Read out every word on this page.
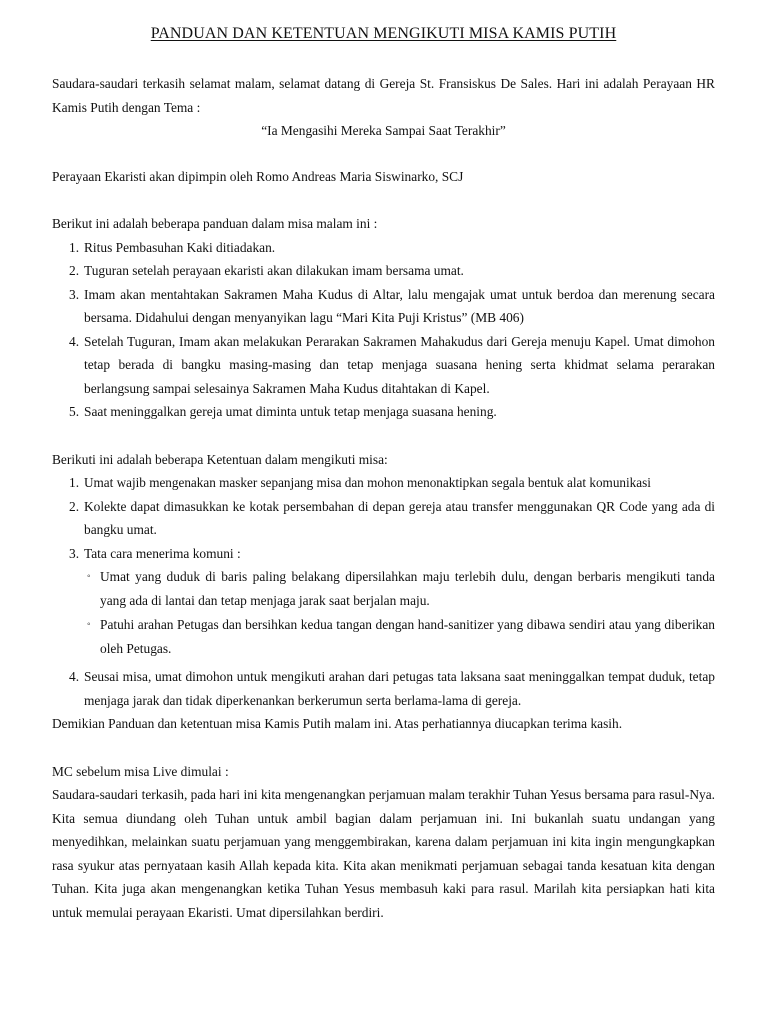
PANDUAN DAN KETENTUAN MENGIKUTI MISA KAMIS PUTIH

Saudara-saudari terkasih selamat malam, selamat datang di Gereja St. Fransiskus De Sales. Hari ini adalah Perayaan HR Kamis Putih dengan Tema :

“Ia Mengasihi Mereka Sampai Saat Terakhir”

Perayaan Ekaristi akan dipimpin oleh Romo Andreas Maria Siswinarko, SCJ

Berikut ini adalah beberapa panduan dalam misa malam ini :

1. Ritus Pembasuhan Kaki ditiadakan.
2. Tuguran setelah perayaan ekaristi akan dilakukan imam bersama umat.
3. Imam akan mentahtakan Sakramen Maha Kudus di Altar, lalu mengajak umat untuk berdoa dan merenung secara bersama. Didahului dengan menyanyikan lagu “Mari Kita Puji Kristus” (MB 406)
4. Setelah Tuguran, Imam akan melakukan Perarakan Sakramen Mahakudus dari Gereja menuju Kapel. Umat dimohon tetap berada di bangku masing-masing dan tetap menjaga suasana hening serta khidmat selama perarakan berlangsung sampai selesainya Sakramen Maha Kudus ditahtakan di Kapel.
5. Saat meninggalkan gereja umat diminta untuk tetap menjaga suasana hening.

Berikuti ini adalah beberapa Ketentuan dalam mengikuti misa:

1. Umat wajib mengenakan masker sepanjang misa dan mohon menonaktipkan segala bentuk alat komunikasi
2. Kolekte dapat dimasukkan ke kotak persembahan di depan gereja atau transfer menggunakan QR Code yang ada di bangku umat.
3. Tata cara menerima komuni :
◦ Umat yang duduk di baris paling belakang dipersilahkan maju terlebih dulu, dengan berbaris mengikuti tanda yang ada di lantai dan tetap menjaga jarak saat berjalan maju.
◦ Patuhi arahan Petugas dan bersihkan kedua tangan dengan hand-sanitizer yang dibawa sendiri atau yang diberikan oleh Petugas.
4. Seusai misa, umat dimohon untuk mengikuti arahan dari petugas tata laksana saat meninggalkan tempat duduk, tetap menjaga jarak dan tidak diperkenankan berkerumun serta berlama-lama di gereja.

Demikian Panduan dan ketentuan misa Kamis Putih malam ini. Atas perhatiannya diucapkan terima kasih.

MC sebelum misa Live dimulai :

Saudara-saudari terkasih, pada hari ini kita mengenangkan perjamuan malam terakhir Tuhan Yesus bersama para rasul-Nya. Kita semua diundang oleh Tuhan untuk ambil bagian dalam perjamuan ini. Ini bukanlah suatu undangan yang menyedihkan, melainkan suatu perjamuan yang menggembirakan, karena dalam perjamuan ini kita ingin mengungkapkan rasa syukur atas pernyataan kasih Allah kepada kita. Kita akan menikmati perjamuan sebagai tanda kesatuan kita dengan Tuhan. Kita juga akan mengenangkan ketika Tuhan Yesus membasuh kaki para rasul. Marilah kita persiapkan hati kita untuk memulai perayaan Ekaristi. Umat dipersilahkan berdiri.
